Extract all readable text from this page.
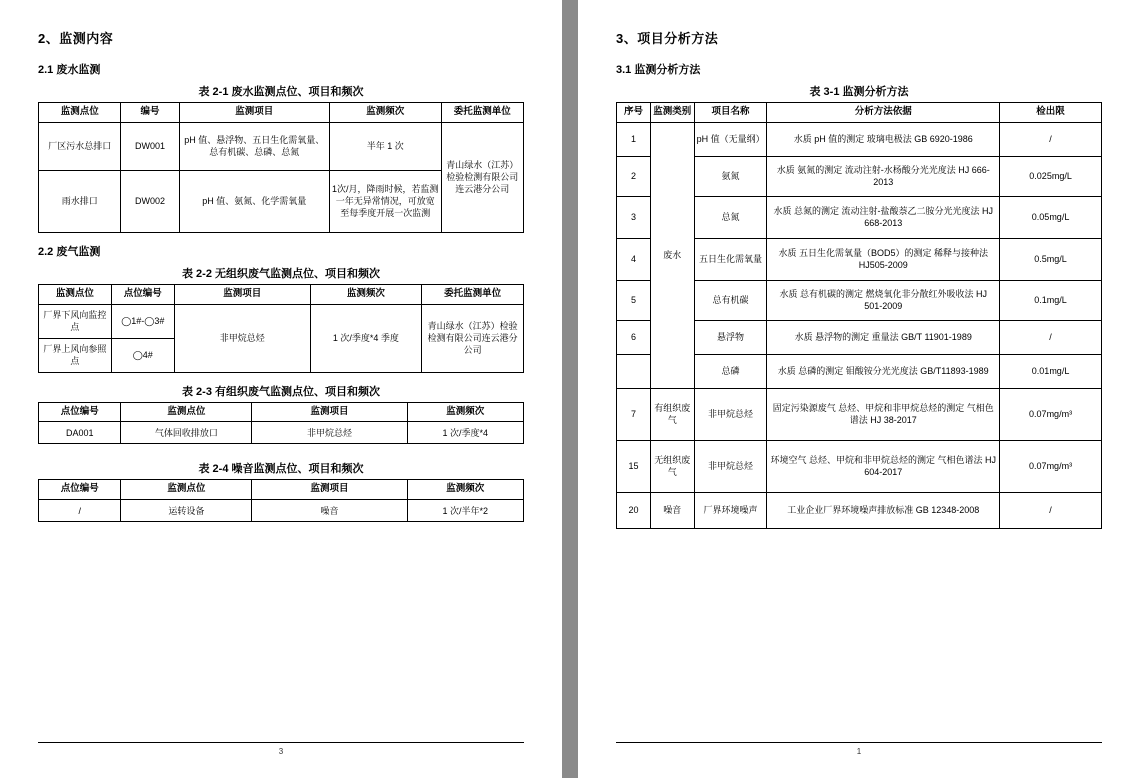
2、监测内容
2.1 废水监测
表 2-1 废水监测点位、项目和频次
监测点位	编号	监测项目	监测频次	委托监测单位
厂区污水总排口	DW001	pH 值、悬浮物、五日生化需氧量、总有机碳、总磷、总氮	半年 1 次	青山绿水（江苏）检验检测有限公司连云港分公司
雨水排口	DW002	pH 值、氨氮、化学需氧量	1次/月，降雨时候，若监测一年无异常情况，可放宽至每季度开展一次监测	
2.2 废气监测
表 2-2 无组织废气监测点位、项目和频次
监测点位	点位编号	监测项目	监测频次	委托监测单位
厂界下风向监控点	◯1#-◯3#	非甲烷总烃	1 次/季度*4 季度	青山绿水（江苏）检验检测有限公司连云港分公司
厂界上风向参照点	◯4#			
表 2-3 有组织废气监测点位、项目和频次
点位编号	监测点位	监测项目	监测频次
DA001	气体回收排放口	非甲烷总烃	1 次/季度*4
表 2-4 噪音监测点位、项目和频次
点位编号	监测点位	监测项目	监测频次
/	运转设备	噪音	1 次/半年*2
3
3、项目分析方法
3.1 监测分析方法
表 3-1 监测分析方法
序号	监测类别	项目名称	分析方法依据	检出限
1	废水	pH 值（无量纲）	水质 pH 值的测定 玻璃电极法 GB 6920-1986	/
2		氨氮	水质 氨氮的测定 流动注射-水杨酸分光光度法 HJ 666-2013	0.025mg/L
3		总氮	水质 总氮的测定 流动注射-盐酸萘乙二胺分光光度法 HJ 668-2013	0.05mg/L
4		五日生化需氧量	水质 五日生化需氧量（BOD5）的测定 稀释与接种法 HJ505-2009	0.5mg/L
5		总有机碳	水质 总有机碳的测定 燃烧氧化非分散红外吸收法 HJ 501-2009	0.1mg/L
6		悬浮物	水质 悬浮物的测定 重量法 GB/T 11901-1989	/
		总磷	水质 总磷的测定 钼酸铵分光光度法 GB/T11893-1989	0.01mg/L
7	有组织废气	非甲烷总烃	固定污染源废气 总烃、甲烷和非甲烷总烃的测定 气相色谱法 HJ 38-2017	0.07mg/m³
15	无组织废气	非甲烷总烃	环境空气 总烃、甲烷和非甲烷总烃的测定 气相色谱法 HJ 604-2017	0.07mg/m³
20	噪音	厂界环境噪声	工业企业厂界环境噪声排放标准 GB 12348-2008	/
1
